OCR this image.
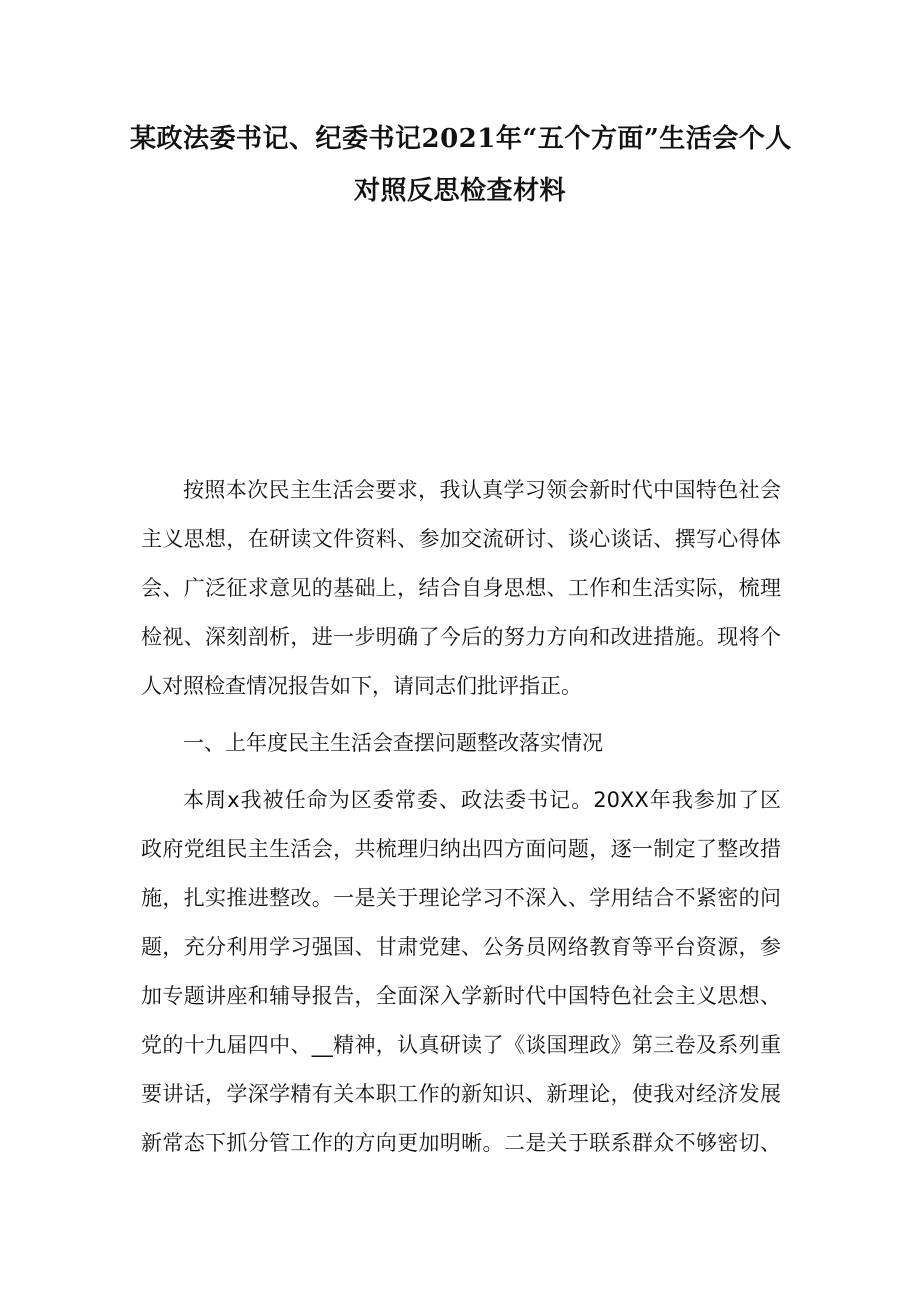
某政法委书记、纪委书记2021年“五个方面”生活会个人
对照反思检查材料
按照本次民主生活会要求，我认真学习领会新时代中国特色社会
主义思想，在研读文件资料、参加交流研讨、谈心谈话、撰写心得体
会、广泛征求意见的基础上，结合自身思想、工作和生活实际，梳理
检视、深刻剖析，进一步明确了今后的努力方向和改进措施。现将个
人对照检查情况报告如下，请同志们批评指正。
一、上年度民主生活会查摆问题整改落实情况
本周x我被任命为区委常委、政法委书记。20XX年我参加了区
政府党组民主生活会，共梳理归纳出四方面问题，逐一制定了整改措
施，扎实推进整改。一是关于理论学习不深入、学用结合不紧密的问
题，充分利用学习强国、甘肃党建、公务员网络教育等平台资源，参
加专题讲座和辅导报告，全面深入学新时代中国特色社会主义思想、
党的十九届四中、__精神，认真研读了《谈国理政》第三卷及系列重
要讲话，学深学精有关本职工作的新知识、新理论，使我对经济发展
新常态下抓分管工作的方向更加明晰。二是关于联系群众不够密切、
